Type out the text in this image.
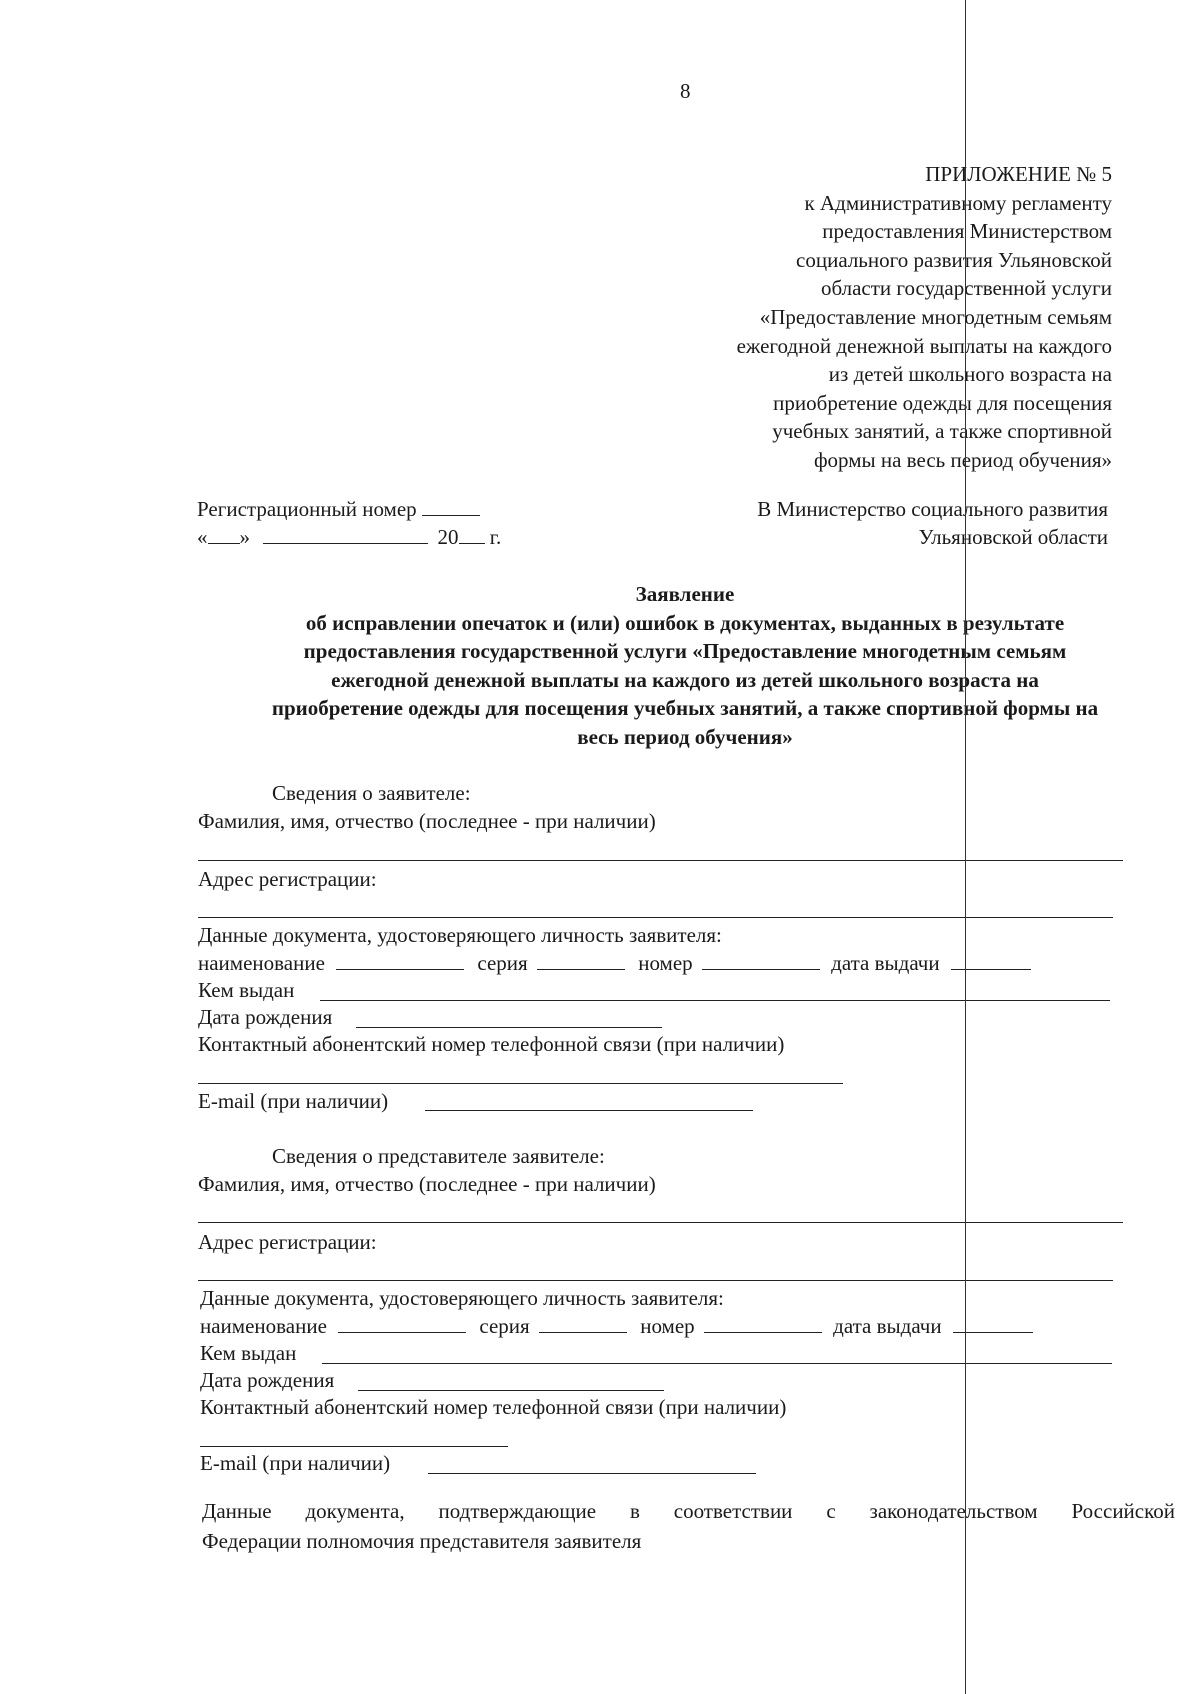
8
ПРИЛОЖЕНИЕ № 5
к Административному регламенту
предоставления Министерством
социального развития Ульяновской
области государственной услуги
«Предоставление многодетным семьям
ежегодной денежной выплаты на каждого
из детей школьного возраста на
приобретение одежды для посещения
учебных занятий, а также спортивной
формы на весь период обучения»
Регистрационный номер
« »	20 г.
В Министерство социального развития
Ульяновской области
Заявление
об исправлении опечаток и (или) ошибок в документах, выданных в результате
предоставления государственной услуги «Предоставление многодетным семьям
ежегодной денежной выплаты на каждого из детей школьного возраста на
приобретение одежды для посещения учебных занятий, а также спортивной формы на
весь период обучения»
Сведения о заявителе:
Фамилия, имя, отчество (последнее - при наличии)
Адрес регистрации:
Данные документа, удостоверяющего личность заявителя:
наименование	серия	номер	дата выдачи
Кем выдан
Дата рождения
Контактный абонентский номер телефонной связи (при наличии)
E-mail (при наличии)
Сведения о представителе заявителе:
Фамилия, имя, отчество (последнее - при наличии)
Адрес регистрации:
Данные документа, удостоверяющего личность заявителя:
наименование	серия	номер	дата выдачи
Кем выдан
Дата рождения
Контактный абонентский номер телефонной связи (при наличии)
E-mail (при наличии)
Данные документа, подтверждающие в соответствии с законодательством Российской
Федерации полномочия представителя заявителя
